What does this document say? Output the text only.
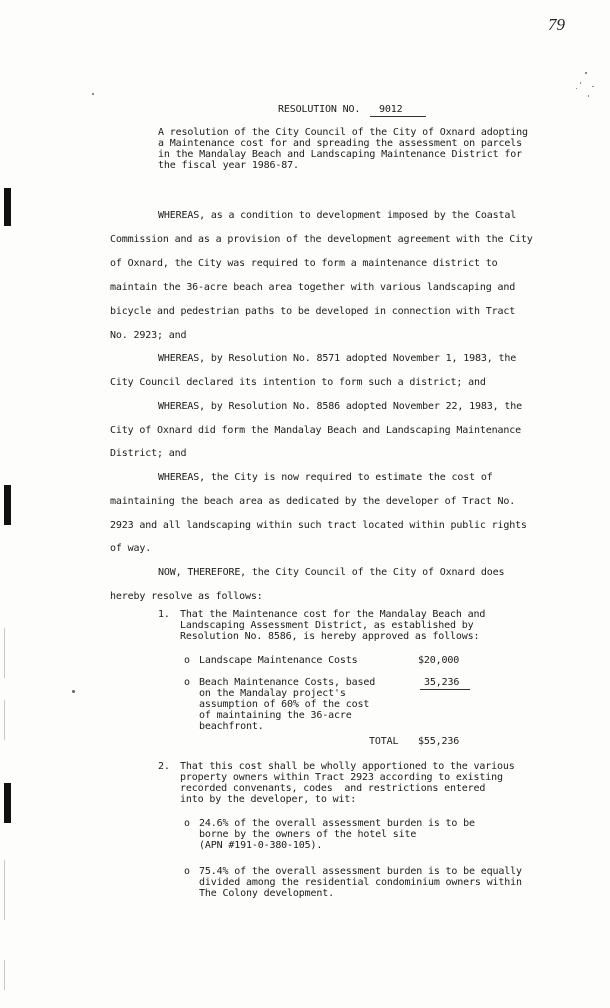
79
RESOLUTION NO. 9012
A resolution of the City Council of the City of Oxnard adopting
a Maintenance cost for and spreading the assessment on parcels
in the Mandalay Beach and Landscaping Maintenance District for
the fiscal year 1986-87.
WHEREAS, as a condition to development imposed by the Coastal
Commission and as a provision of the development agreement with the City
of Oxnard, the City was required to form a maintenance district to
maintain the 36-acre beach area together with various landscaping and
bicycle and pedestrian paths to be developed in connection with Tract
No. 2923; and
WHEREAS, by Resolution No. 8571 adopted November 1, 1983, the
City Council declared its intention to form such a district; and
WHEREAS, by Resolution No. 8586 adopted November 22, 1983, the
City of Oxnard did form the Mandalay Beach and Landscaping Maintenance
District; and
WHEREAS, the City is now required to estimate the cost of
maintaining the beach area as dedicated by the developer of Tract No.
2923 and all landscaping within such tract located within public rights
of way.
NOW, THEREFORE, the City Council of the City of Oxnard does
hereby resolve as follows:
1. That the Maintenance cost for the Mandalay Beach and
Landscaping Assessment District, as established by
Resolution No. 8586, is hereby approved as follows:
o Landscape Maintenance Costs	$20,000
o Beach Maintenance Costs, based
on the Mandalay project's
assumption of 60% of the cost
of maintaining the 36-acre
beachfront.
35,236
TOTAL $55,236
2. That this cost shall be wholly apportioned to the various
property owners within Tract 2923 according to existing
recorded convenants, codes  and restrictions entered
into by the developer, to wit:
o 24.6% of the overall assessment burden is to be
borne by the owners of the hotel site
(APN #191-0-380-105).
o 75.4% of the overall assessment burden is to be equally
divided among the residential condominium owners within
The Colony development.
